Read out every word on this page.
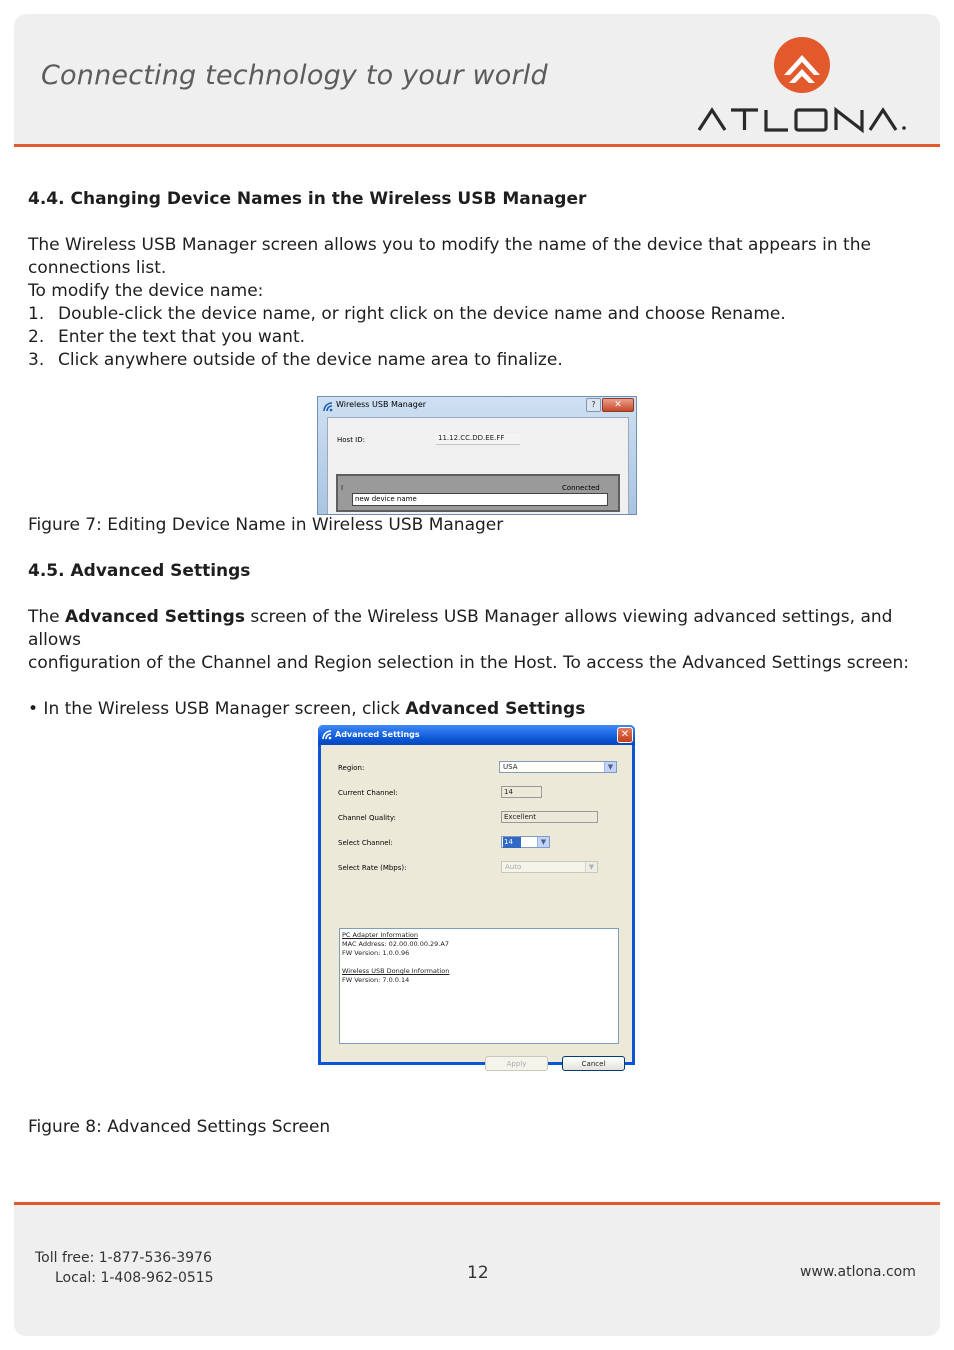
Connecting technology to your world

4.4. Changing Device Names in the Wireless USB Manager

The Wireless USB Manager screen allows you to modify the name of the device that appears in the

connections list.

To modify the device name:

1. Double-click the device name, or right click on the device name and choose Rename.
2. Enter the text that you want.
3. Click anywhere outside of the device name area to finalize.

Figure 7: Editing Device Name in Wireless USB Manager

4.5. Advanced Settings

The Advanced Settings screen of the Wireless USB Manager allows viewing advanced settings, and allows

configuration of the Channel and Region selection in the Host. To access the Advanced Settings screen:

• In the Wireless USB Manager screen, click Advanced Settings

Figure 8: Advanced Settings Screen

Wireless USB Manager	?	✕
Host ID:	11.12.CC.DD.EE.FF
I	Connected
new device name
Advanced Settings	✕
Region:	USA	▼
Current Channel:	14
Channel Quality:	Excellent
Select Channel:	14	▼
Select Rate (Mbps):	Auto	▼
PC Adapter Information
MAC Address: 02.00.00.00.29.A7
FW Version: 1.0.0.96
Wireless USB Dongle Information
FW Version: 7.0.0.14
Apply	Cancel
Toll free: 1-877-536-3976
Local: 1-408-962-0515	12	www.atlona.com
